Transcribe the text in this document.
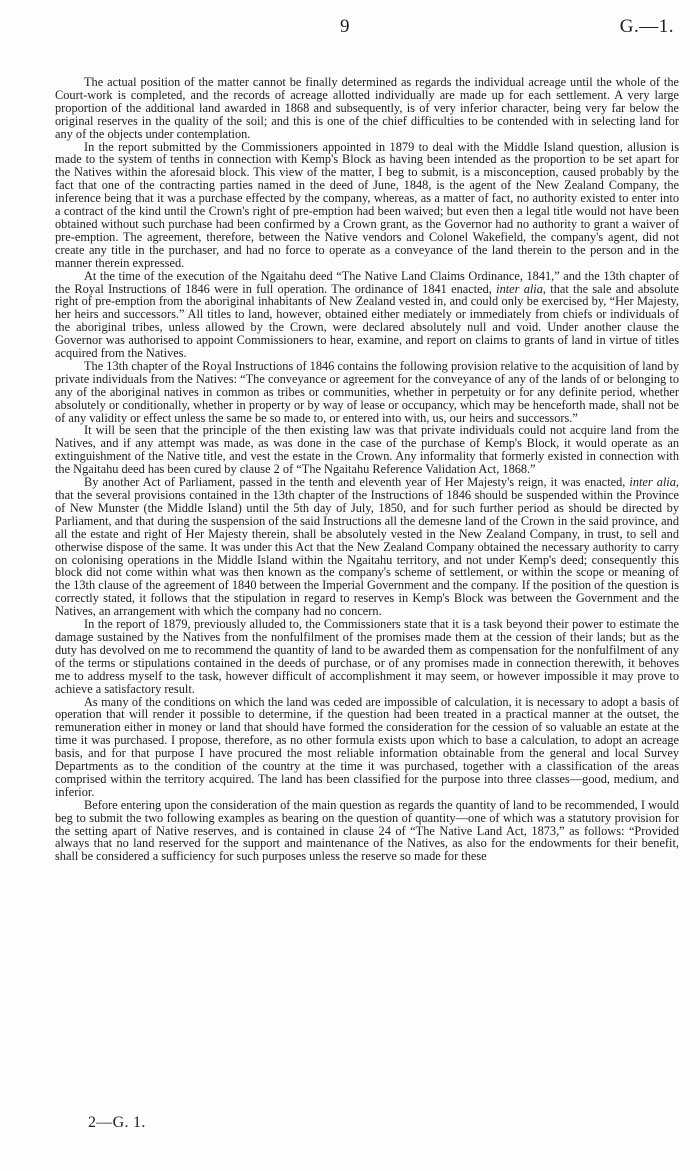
9	G.—1.

The actual position of the matter cannot be finally determined as regards the individual acreage until the whole of the Court-work is completed, and the records of acreage allotted individually are made up for each settlement. A very large proportion of the additional land awarded in 1868 and subsequently, is of very inferior character, being very far below the original reserves in the quality of the soil; and this is one of the chief difficulties to be contended with in selecting land for any of the objects under contemplation.

In the report submitted by the Commissioners appointed in 1879 to deal with the Middle Island question, allusion is made to the system of tenths in connection with Kemp's Block as having been intended as the proportion to be set apart for the Natives within the aforesaid block. This view of the matter, I beg to submit, is a misconception, caused probably by the fact that one of the contracting parties named in the deed of June, 1848, is the agent of the New Zealand Company, the inference being that it was a purchase effected by the company, whereas, as a matter of fact, no authority existed to enter into a contract of the kind until the Crown's right of pre-emption had been waived; but even then a legal title would not have been obtained without such purchase had been confirmed by a Crown grant, as the Governor had no authority to grant a waiver of pre-emption. The agreement, therefore, between the Native vendors and Colonel Wakefield, the company's agent, did not create any title in the purchaser, and had no force to operate as a conveyance of the land therein to the person and in the manner therein expressed.

At the time of the execution of the Ngaitahu deed “The Native Land Claims Ordinance, 1841,” and the 13th chapter of the Royal Instructions of 1846 were in full operation. The ordinance of 1841 enacted, inter alia, that the sale and absolute right of pre-emption from the aboriginal inhabitants of New Zealand vested in, and could only be exercised by, “Her Majesty, her heirs and successors.” All titles to land, however, obtained either mediately or immediately from chiefs or individuals of the aboriginal tribes, unless allowed by the Crown, were declared absolutely null and void. Under another clause the Governor was authorised to appoint Commissioners to hear, examine, and report on claims to grants of land in virtue of titles acquired from the Natives.

The 13th chapter of the Royal Instructions of 1846 contains the following provision relative to the acquisition of land by private individuals from the Natives: “The conveyance or agreement for the conveyance of any of the lands of or belonging to any of the aboriginal natives in common as tribes or communities, whether in perpetuity or for any definite period, whether absolutely or conditionally, whether in property or by way of lease or occupancy, which may be henceforth made, shall not be of any validity or effect unless the same be so made to, or entered into with, us, our heirs and successors.”

It will be seen that the principle of the then existing law was that private individuals could not acquire land from the Natives, and if any attempt was made, as was done in the case of the purchase of Kemp's Block, it would operate as an extinguishment of the Native title, and vest the estate in the Crown. Any informality that formerly existed in connection with the Ngaitahu deed has been cured by clause 2 of “The Ngaitahu Reference Validation Act, 1868.”

By another Act of Parliament, passed in the tenth and eleventh year of Her Majesty's reign, it was enacted, inter alia, that the several provisions contained in the 13th chapter of the Instructions of 1846 should be suspended within the Province of New Munster (the Middle Island) until the 5th day of July, 1850, and for such further period as should be directed by Parliament, and that during the suspension of the said Instructions all the demesne land of the Crown in the said province, and all the estate and right of Her Majesty therein, shall be absolutely vested in the New Zealand Company, in trust, to sell and otherwise dispose of the same. It was under this Act that the New Zealand Company obtained the necessary authority to carry on colonising operations in the Middle Island within the Ngaitahu territory, and not under Kemp's deed; consequently this block did not come within what was then known as the company's scheme of settlement, or within the scope or meaning of the 13th clause of the agreement of 1840 between the Imperial Government and the company. If the position of the question is correctly stated, it follows that the stipulation in regard to reserves in Kemp's Block was between the Government and the Natives, an arrangement with which the company had no concern.

In the report of 1879, previously alluded to, the Commissioners state that it is a task beyond their power to estimate the damage sustained by the Natives from the nonfulfilment of the promises made them at the cession of their lands; but as the duty has devolved on me to recommend the quantity of land to be awarded them as compensation for the nonfulfilment of any of the terms or stipulations contained in the deeds of purchase, or of any promises made in connection therewith, it behoves me to address myself to the task, however difficult of accomplishment it may seem, or however impossible it may prove to achieve a satisfactory result.

As many of the conditions on which the land was ceded are impossible of calculation, it is necessary to adopt a basis of operation that will render it possible to determine, if the question had been treated in a practical manner at the outset, the remuneration either in money or land that should have formed the consideration for the cession of so valuable an estate at the time it was purchased. I propose, therefore, as no other formula exists upon which to base a calculation, to adopt an acreage basis, and for that purpose I have procured the most reliable information obtainable from the general and local Survey Departments as to the condition of the country at the time it was purchased, together with a classification of the areas comprised within the territory acquired. The land has been classified for the purpose into three classes—good, medium, and inferior.

Before entering upon the consideration of the main question as regards the quantity of land to be recommended, I would beg to submit the two following examples as bearing on the question of quantity—one of which was a statutory provision for the setting apart of Native reserves, and is contained in clause 24 of “The Native Land Act, 1873,” as follows: “Provided always that no land reserved for the support and maintenance of the Natives, as also for the endowments for their benefit, shall be considered a sufficiency for such purposes unless the reserve so made for these

2—G. 1.
